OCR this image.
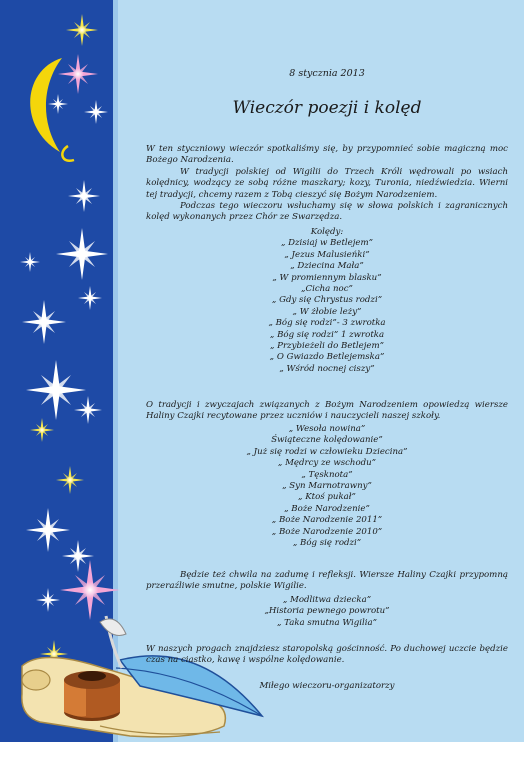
8 stycznia 2013
Wieczór poezji i kolęd

W ten styczniowy wieczór spotkaliśmy się, by przypomnieć sobie magiczną moc Bożego Narodzenia.

W tradycji polskiej od Wigilii do Trzech Króli wędrowali po wsiach kolędnicy, wodzący ze sobą różne maszkary; kozy, Turonia, niedźwiedzia. Wierni tej tradycji, chcemy razem z Tobą cieszyć się Bożym Narodzeniem.

Podczas tego wieczoru wsłuchamy się w słowa polskich i zagranicznych kolęd wykonanych przez Chór ze Swarzędza.

Kolędy:
„ Dzisiaj w Betlejem”
„ Jezus Malusieńki”
„ Dziecina Mała”
„ W promiennym blasku”
„Cicha noc”
„ Gdy się Chrystus rodzi”
„ W żłobie leży”
„ Bóg się rodzi”- 3 zwrotka
„ Bóg się rodzi” 1 zwrotka
„ Przybieżeli do Betlejem”
„ O Gwiazdo Betlejemska”
„ Wśród nocnej ciszy”

O tradycji i zwyczajach związanych z Bożym Narodzeniem opowiedzą wiersze Haliny Czajki recytowane przez uczniów i nauczycieli naszej szkoły.

„ Wesoła nowina”
Świąteczne kolędowanie”
„ Już się rodzi w człowieku Dziecina”
„ Mędrcy ze wschodu”
„ Tęsknota”
„ Syn Marnotrawny”
„ Ktoś pukał”
„ Boże Narodzenie”
„ Boże Narodzenie 2011”
„ Boże Narodzenie 2010”
„ Bóg się rodzi”

Będzie też chwila na zadumę i refleksji. Wiersze Haliny Czajki przypomną przeraźliwie smutne, polskie Wigilie.

„ Modlitwa dziecka”
„Historia pewnego powrotu”
„ Taka smutna Wigilia”

W naszych progach znajdziesz staropolską gościnność. Po duchowej uczcie będzie czas na ciastko, kawę i wspólne kolędowanie.

Miłego wieczoru-organizatorzy
